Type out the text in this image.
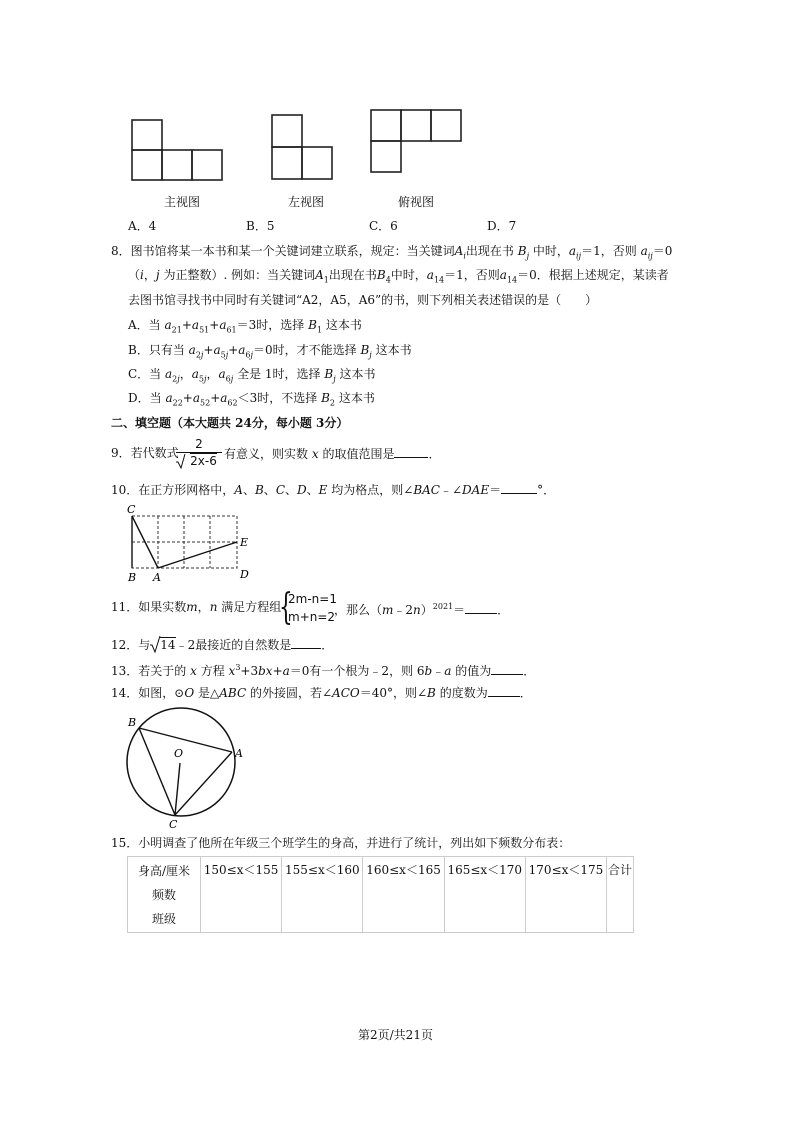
主视图	左视图	俯视图
A．4	B．5	C．6	D．7
8．图书馆将某一本书和某一个关键词建立联系，规定：当关键词$A_i$出现在书 $B_j$ 中时，$a_{ij}=1$，否则 $a_{ij}=0$
（i，j 为正整数）. 例如：当关键词$A_1$出现在书$B_4$中时，$a_{14}=1$，否则$a_{14}=0$．根据上述规定，某读者
去图书馆寻找书中同时有关键词“A2，A5，A6”的书，则下列相关表述错误的是（　　）
A．当 $a_{21}+a_{51}+a_{61}=3$时，选择 $B_1$ 这本书
B．只有当 $a_{2j}+a_{5j}+a_{6j}=0$时，才不能选择 $B_j$ 这本书
C．当 $a_{2j}$，$a_{5j}$，$a_{6j}$ 全是 1时，选择 $B_j$ 这本书
D．当 $a_{22}+a_{52}+a_{62}<3$时，不选择 $B_2$ 这本书
二、填空题（本大题共 24分，每小题 3分）
9．若代数式
2
2x-6 有意义，则实数 x 的取值范围是	．
10．在正方形网格中，A、B、C、D、E 均为格点，则∠BAC﹣∠DAE＝	°．
C
B A
E
D
11．如果实数m，n 满足方程组
{
2m-n=1
m+n=2
，那么（m﹣2n）$^{2021}$＝	．
12．与 14﹣2最接近的自然数是	．
13．若关于的 x 方程 $x^3+3bx+a=0$有一个根为﹣2，则 6b﹣a 的值为	．
14．如图，⊙O 是△ABC 的外接圆，若∠ACO＝40°，则∠B 的度数为	．
B
O	A
C
15．小明调查了他所在年级三个班学生的身高，并进行了统计，列出如下频数分布表：
身高/厘米
频数
班级
	150≤x＜155	155≤x＜160	160≤x＜165	165≤x＜170	170≤x＜175	合计
第2页/共21页
